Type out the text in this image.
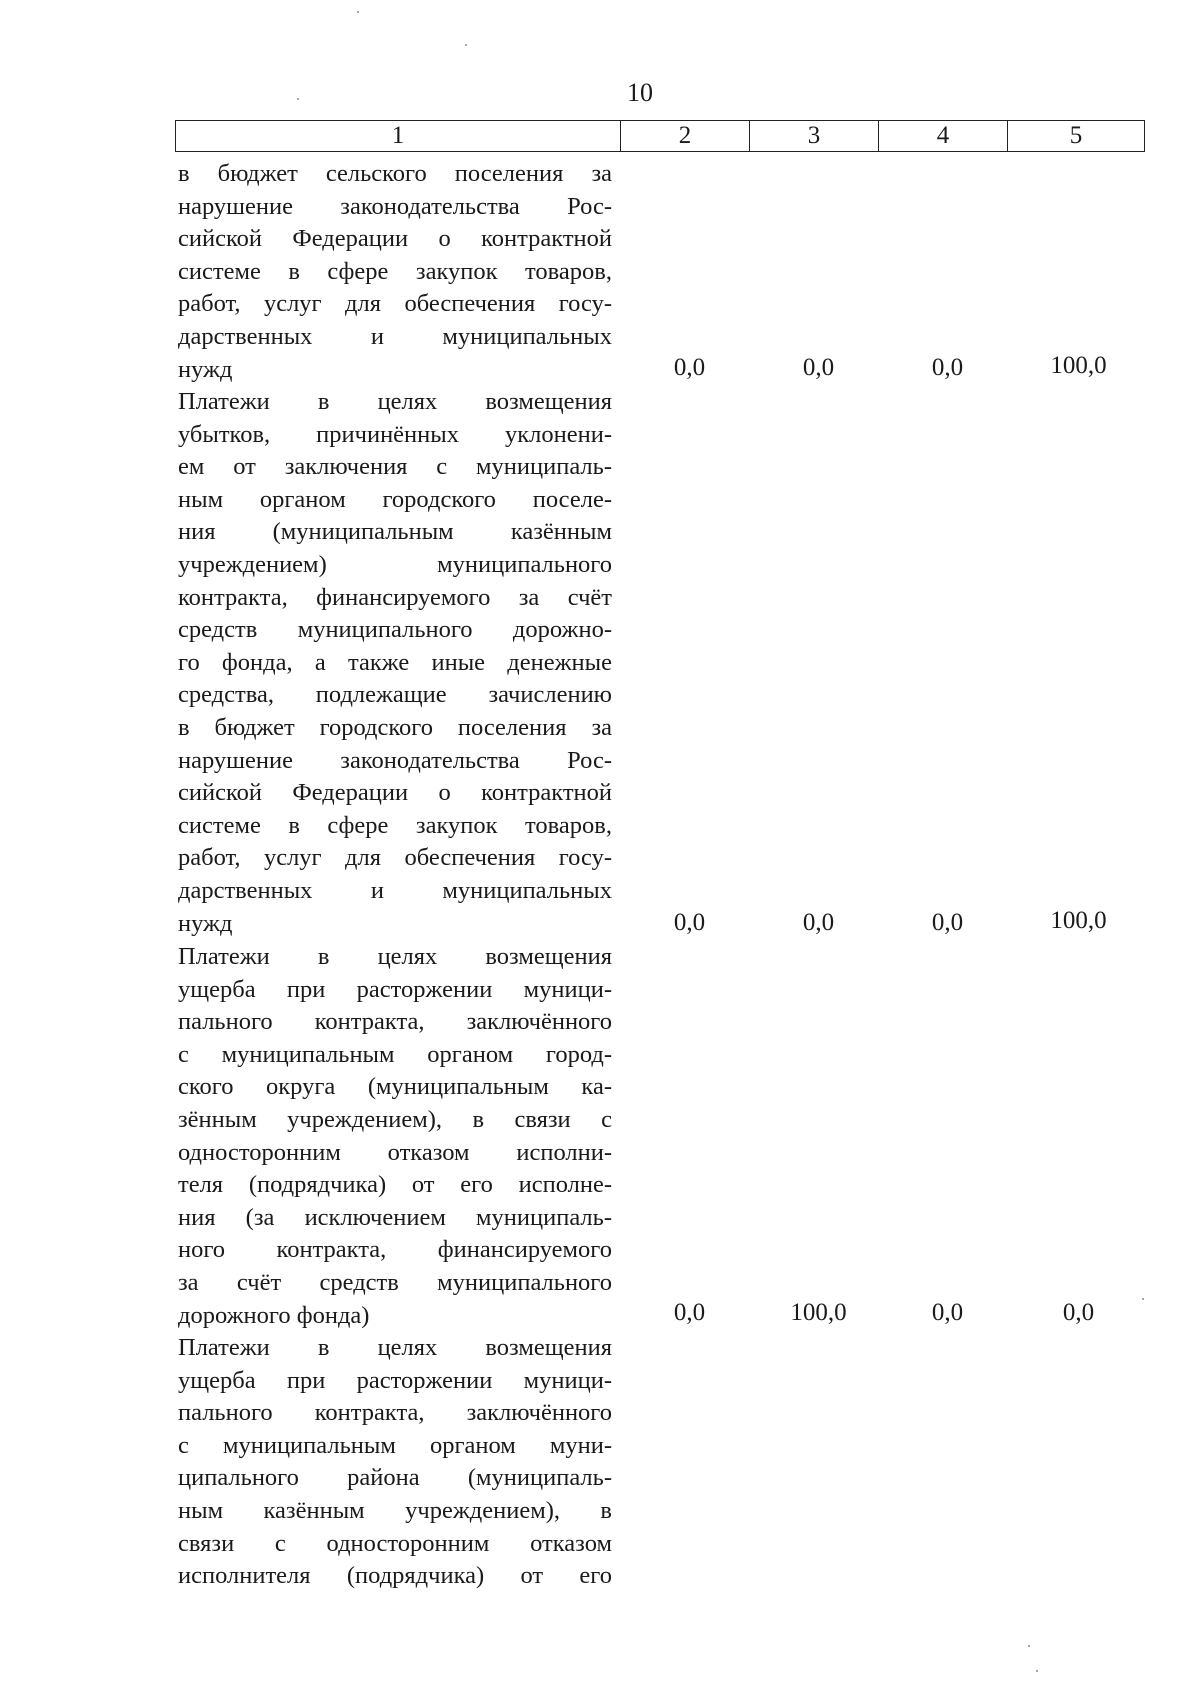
10
1	2	3	4	5
в бюджет сельского поселения за
нарушение законодательства Рос-
сийской Федерации о контрактной
системе в сфере закупок товаров,
работ, услуг для обеспечения госу-
дарственных и муниципальных
нужд	0,0	0,0	0,0	100,0
Платежи в целях возмещения
убытков, причинённых уклонени-
ем от заключения с муниципаль-
ным органом городского поселе-
ния (муниципальным казённым
учреждением) муниципального
контракта, финансируемого за счёт
средств муниципального дорожно-
го фонда, а также иные денежные
средства, подлежащие зачислению
в бюджет городского поселения за
нарушение законодательства Рос-
сийской Федерации о контрактной
системе в сфере закупок товаров,
работ, услуг для обеспечения госу-
дарственных и муниципальных
нужд	0,0	0,0	0,0	100,0
Платежи в целях возмещения
ущерба при расторжении муници-
пального контракта, заключённого
с муниципальным органом город-
ского округа (муниципальным ка-
зённым учреждением), в связи с
односторонним отказом исполни-
теля (подрядчика) от его исполне-
ния (за исключением муниципаль-
ного контракта, финансируемого
за счёт средств муниципального
дорожного фонда)	0,0	100,0	0,0	0,0
Платежи в целях возмещения
ущерба при расторжении муници-
пального контракта, заключённого
с муниципальным органом муни-
ципального района (муниципаль-
ным казённым учреждением), в
связи с односторонним отказом
исполнителя (подрядчика) от его
